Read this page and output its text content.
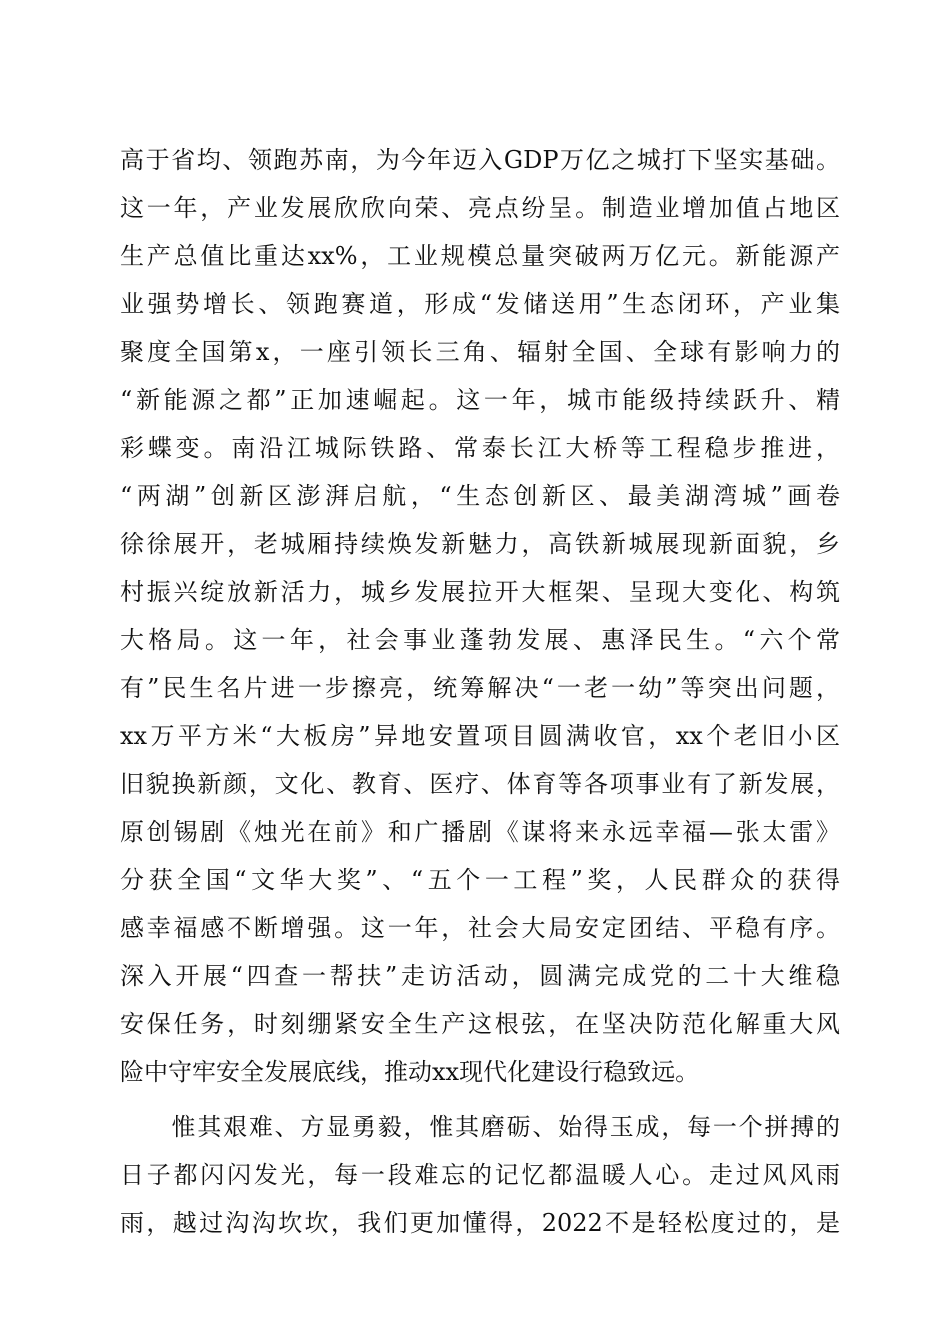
高于省均、领跑苏南，为今年迈入GDP万亿之城打下坚实基础。
这一年，产业发展欣欣向荣、亮点纷呈。制造业增加值占地区
生产总值比重达xx%，工业规模总量突破两万亿元。新能源产
业强势增长、领跑赛道，形成“发储送用”生态闭环，产业集
聚度全国第x，一座引领长三角、辐射全国、全球有影响力的
“新能源之都”正加速崛起。这一年，城市能级持续跃升、精
彩蝶变。南沿江城际铁路、常泰长江大桥等工程稳步推进，
“两湖”创新区澎湃启航，“生态创新区、最美湖湾城”画卷
徐徐展开，老城厢持续焕发新魅力，高铁新城展现新面貌，乡
村振兴绽放新活力，城乡发展拉开大框架、呈现大变化、构筑
大格局。这一年，社会事业蓬勃发展、惠泽民生。“六个常
有”民生名片进一步擦亮，统筹解决“一老一幼”等突出问题，
xx万平方米“大板房”异地安置项目圆满收官，xx个老旧小区
旧貌换新颜，文化、教育、医疗、体育等各项事业有了新发展，
原创锡剧《烛光在前》和广播剧《谋将来永远幸福—张太雷》
分获全国“文华大奖”、“五个一工程”奖，人民群众的获得
感幸福感不断增强。这一年，社会大局安定团结、平稳有序。
深入开展“四查一帮扶”走访活动，圆满完成党的二十大维稳
安保任务，时刻绷紧安全生产这根弦，在坚决防范化解重大风
险中守牢安全发展底线，推动xx现代化建设行稳致远。
　　惟其艰难、方显勇毅，惟其磨砺、始得玉成，每一个拼搏的
日子都闪闪发光，每一段难忘的记忆都温暖人心。走过风风雨
雨，越过沟沟坎坎，我们更加懂得，2022不是轻松度过的，是
